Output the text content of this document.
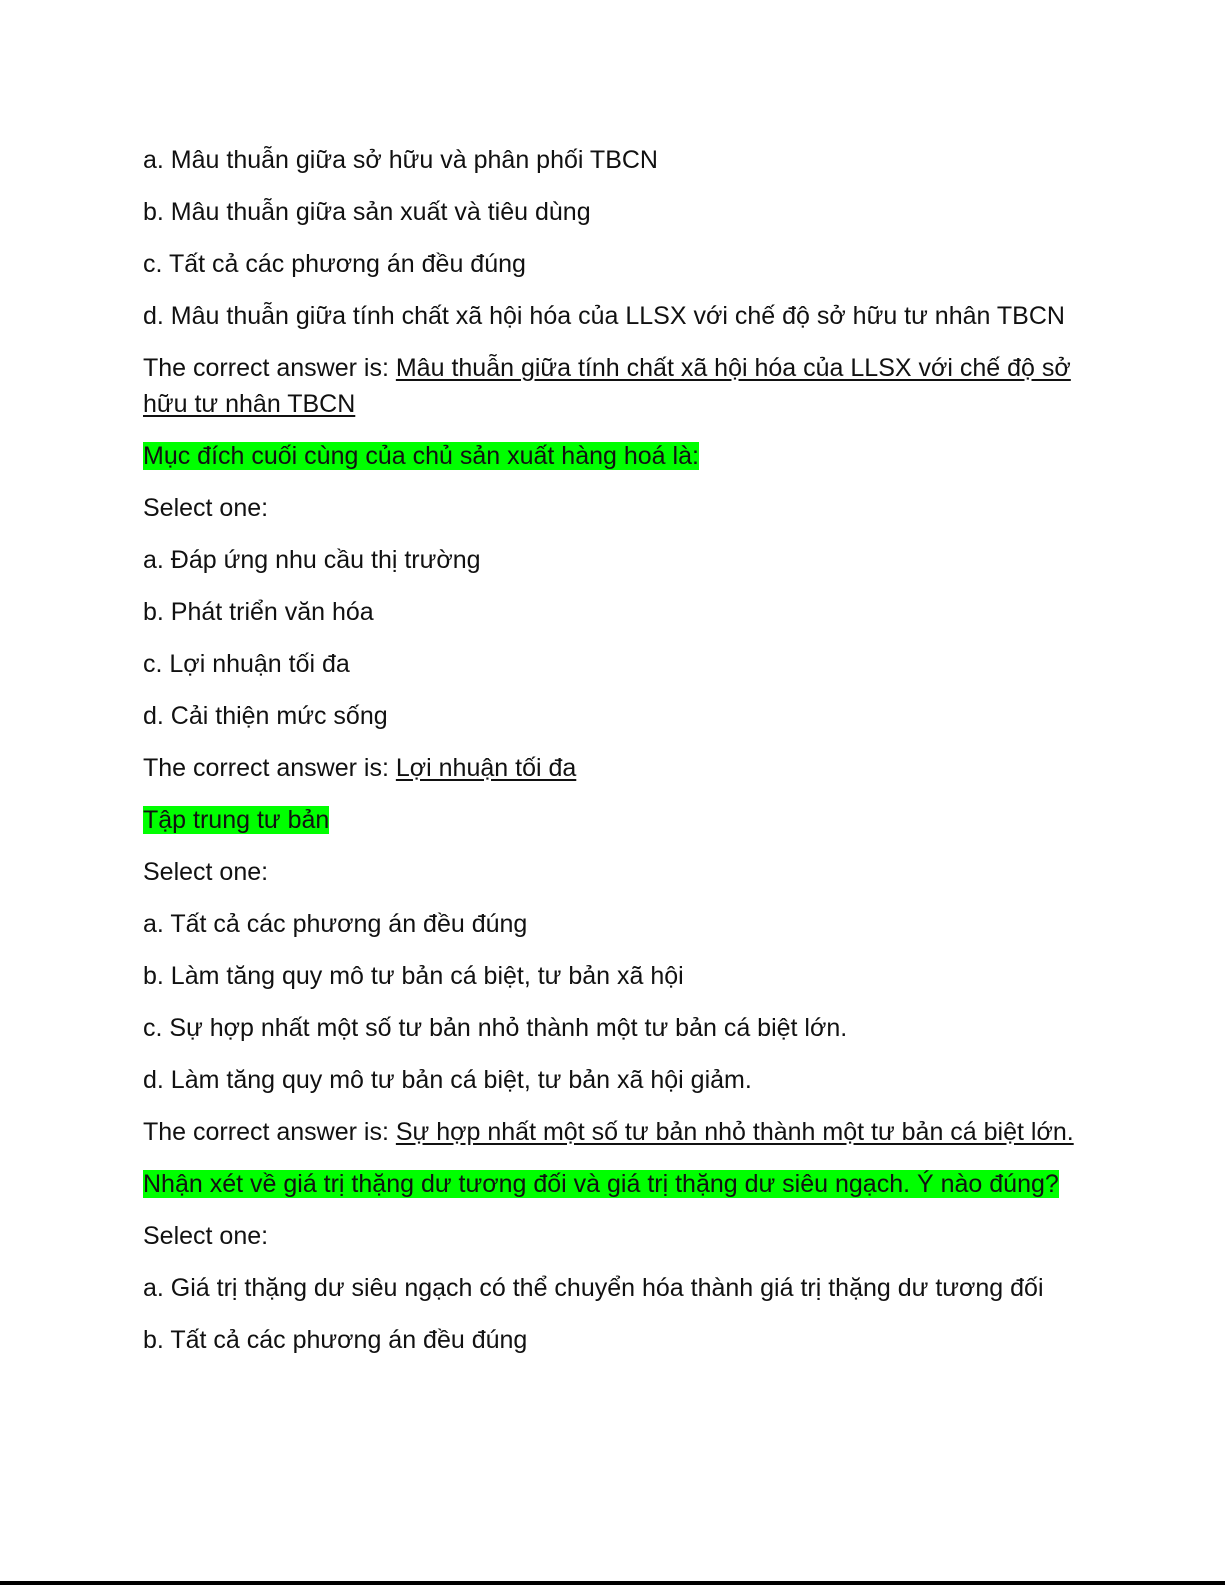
a. Mâu thuẫn giữa sở hữu và phân phối TBCN

b. Mâu thuẫn giữa sản xuất và tiêu dùng

c. Tất cả các phương án đều đúng

d. Mâu thuẫn giữa tính chất xã hội hóa của LLSX với chế độ sở hữu tư nhân TBCN

The correct answer is: Mâu thuẫn giữa tính chất xã hội hóa của LLSX với chế độ sở hữu tư nhân TBCN

Mục đích cuối cùng của chủ sản xuất hàng hoá là:

Select one:

a. Đáp ứng nhu cầu thị trường

b. Phát triển văn hóa

c. Lợi nhuận tối đa

d. Cải thiện mức sống

The correct answer is: Lợi nhuận tối đa

Tập trung tư bản

Select one:

a. Tất cả các phương án đều đúng

b. Làm tăng quy mô tư bản cá biệt, tư bản xã hội

c. Sự hợp nhất một số tư bản nhỏ thành một tư bản cá biệt lớn.

d. Làm tăng quy mô tư bản cá biệt, tư bản xã hội giảm.

The correct answer is: Sự hợp nhất một số tư bản nhỏ thành một tư bản cá biệt lớn.

Nhận xét về giá trị thặng dư tương đối và giá trị thặng dư siêu ngạch. Ý nào đúng?

Select one:

a. Giá trị thặng dư siêu ngạch có thể chuyển hóa thành giá trị thặng dư tương đối

b. Tất cả các phương án đều đúng
